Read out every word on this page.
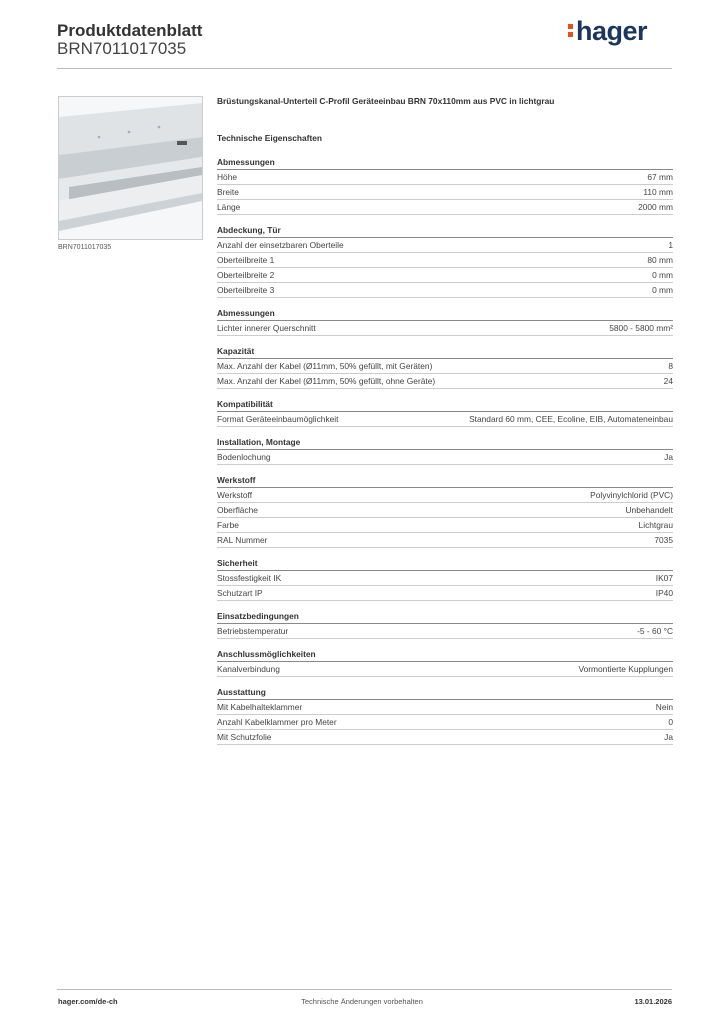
Produktdatenblatt
BRN7011017035
hager
BRN7011017035
Brüstungskanal-Unterteil C-Profil Geräteeinbau BRN 70x110mm aus PVC in lichtgrau
Technische Eigenschaften
Abmessungen
Höhe	67 mm
Breite	110 mm
Länge	2000 mm
Abdeckung, Tür
Anzahl der einsetzbaren Oberteile	1
Oberteilbreite 1	80 mm
Oberteilbreite 2	0 mm
Oberteilbreite 3	0 mm
Abmessungen
Lichter innerer Querschnitt	5800 - 5800 mm²
Kapazität
Max. Anzahl der Kabel (Ø11mm, 50% gefüllt, mit Geräten)	8
Max. Anzahl der Kabel (Ø11mm, 50% gefüllt, ohne Geräte)	24
Kompatibilität
Format Geräteeinbaumöglichkeit	Standard 60 mm, CEE, Ecoline, EIB, Automateneinbau
Installation, Montage
Bodenlochung	Ja
Werkstoff
Werkstoff	Polyvinylchlorid (PVC)
Oberfläche	Unbehandelt
Farbe	Lichtgrau
RAL Nummer	7035
Sicherheit
Stossfestigkeit IK	IK07
Schutzart IP	IP40
Einsatzbedingungen
Betriebstemperatur	-5 - 60 °C
Anschlussmöglichkeiten
Kanalverbindung	Vormontierte Kupplungen
Ausstattung
Mit Kabelhalteklammer	Nein
Anzahl Kabelklammer pro Meter	0
Mit Schutzfolie	Ja
hager.com/de-ch	Technische Änderungen vorbehalten	13.01.2026
